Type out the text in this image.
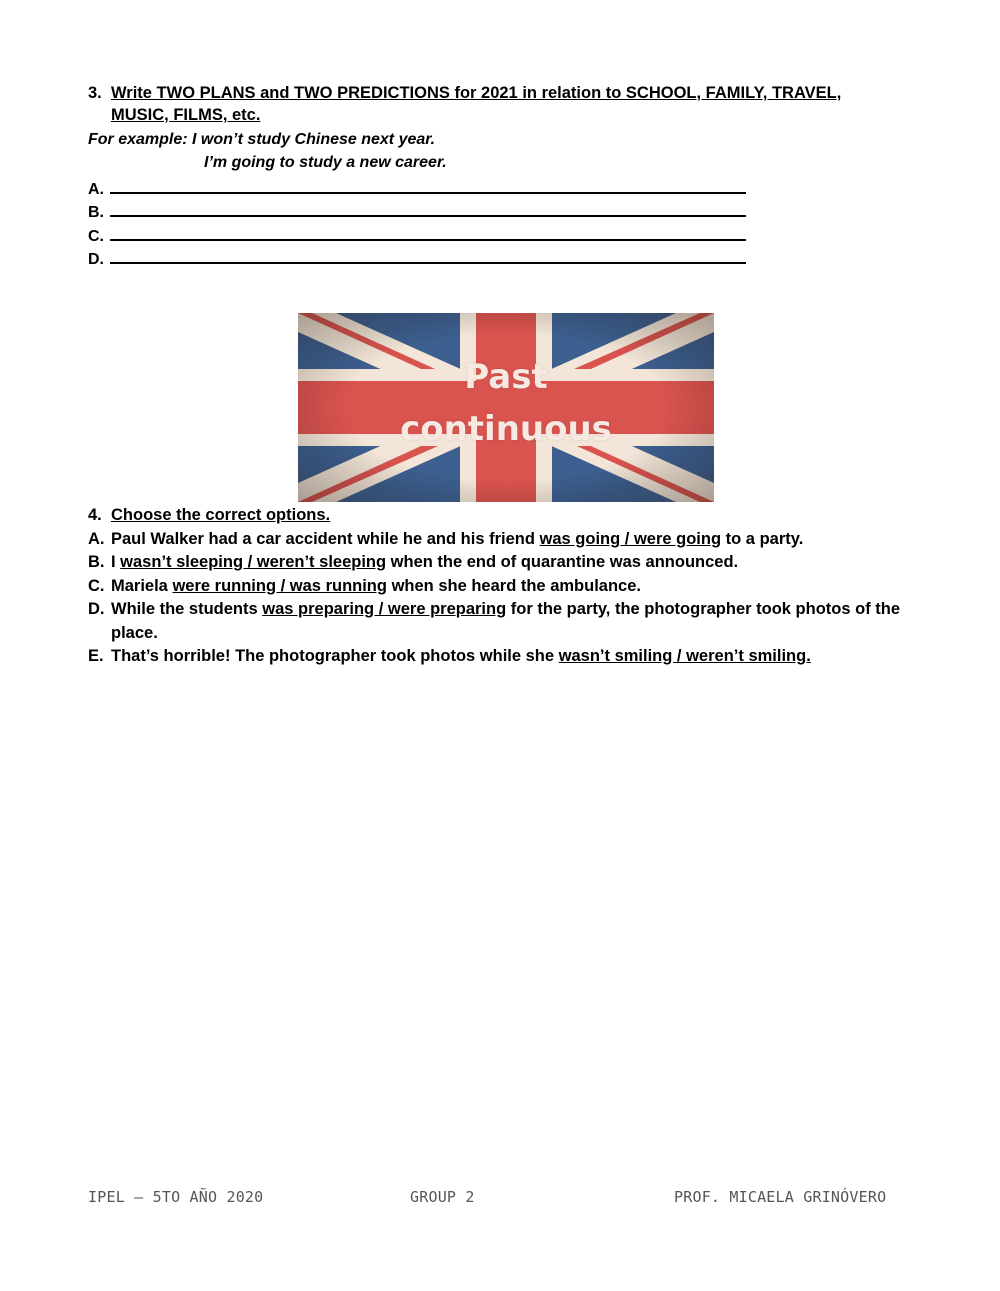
3. Write TWO PLANS and TWO PREDICTIONS for 2021 in relation to SCHOOL, FAMILY, TRAVEL,
MUSIC, FILMS, etc.
For example: I won’t study Chinese next year.
I’m going to study a new career.
A.
B.
C.
D.
Past
continuous
4. Choose the correct options.
A. Paul Walker had a car accident while he and his friend was going / were going to a party.
B. I wasn’t sleeping / weren’t sleeping when the end of quarantine was announced.
C. Mariela were running / was running when she heard the ambulance.
D. While the students was preparing / were preparing for the party, the photographer took photos of the place.
E. That’s horrible! The photographer took photos while she wasn’t smiling / weren’t smiling.
IPEL – 5TO AÑO 2020	GROUP 2	PROF. MICAELA GRINÓVERO
